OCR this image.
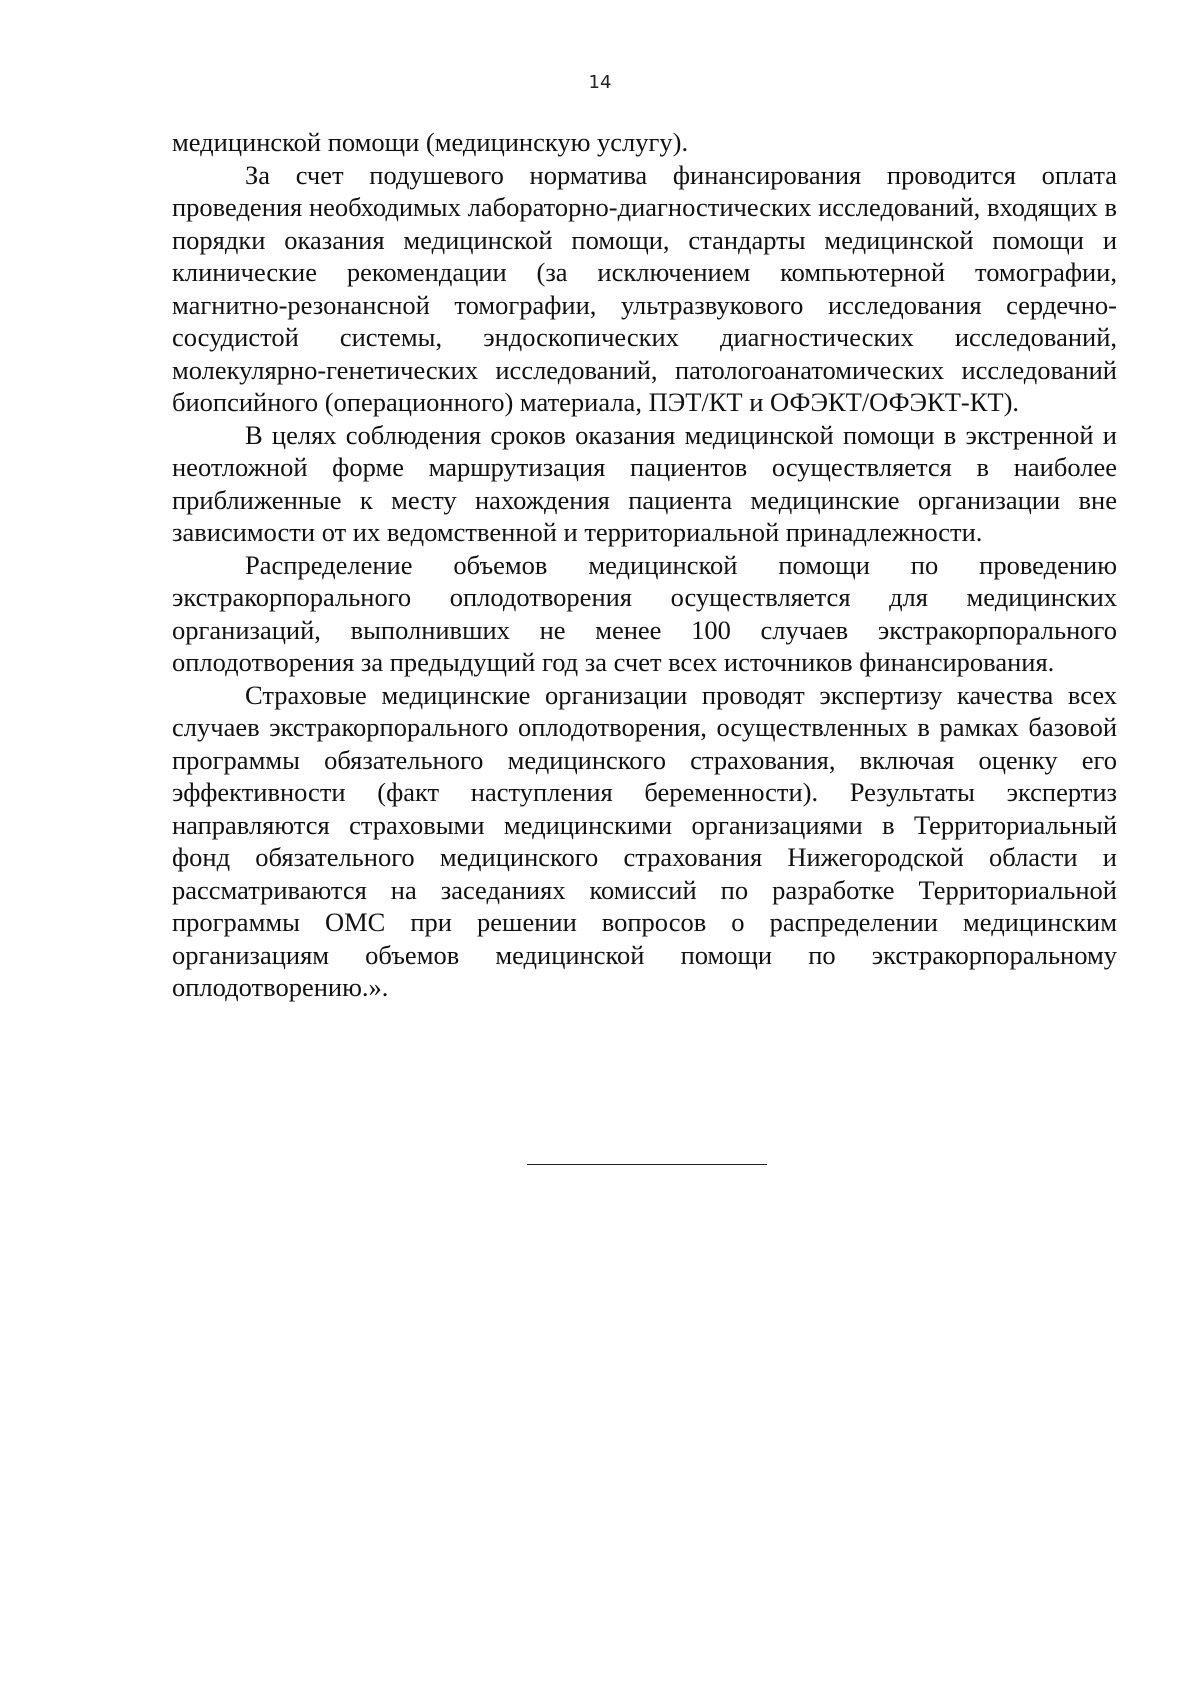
14

медицинской помощи (медицинскую услугу).

За счет подушевого норматива финансирования проводится оплата проведения необходимых лабораторно-диагностических исследований, входящих в порядки оказания медицинской помощи, стандарты медицинской помощи и клинические рекомендации (за исключением компьютерной томографии, магнитно-резонансной томографии, ультразвукового исследования сердечно-сосудистой системы, эндоскопических диагностических исследований, молекулярно-генетических исследований, патологоанатомических исследований биопсийного (операционного) материала, ПЭТ/КТ и ОФЭКТ/ОФЭКТ-КТ).

В целях соблюдения сроков оказания медицинской помощи в экстренной и неотложной форме маршрутизация пациентов осуществляется в наиболее приближенные к месту нахождения пациента медицинские организации вне зависимости от их ведомственной и территориальной принадлежности.

Распределение объемов медицинской помощи по проведению экстракорпорального оплодотворения осуществляется для медицинских организаций, выполнивших не менее 100 случаев экстракорпорального оплодотворения за предыдущий год за счет всех источников финансирования.

Страховые медицинские организации проводят экспертизу качества всех случаев экстракорпорального оплодотворения, осуществленных в рамках базовой программы обязательного медицинского страхования, включая оценку его эффективности (факт наступления беременности). Результаты экспертиз направляются страховыми медицинскими организациями в Территориальный фонд обязательного медицинского страхования Нижегородской области и рассматриваются на заседаниях комиссий по разработке Территориальной программы ОМС при решении вопросов о распределении медицинским организациям объемов медицинской помощи по экстракорпоральному оплодотворению.».
